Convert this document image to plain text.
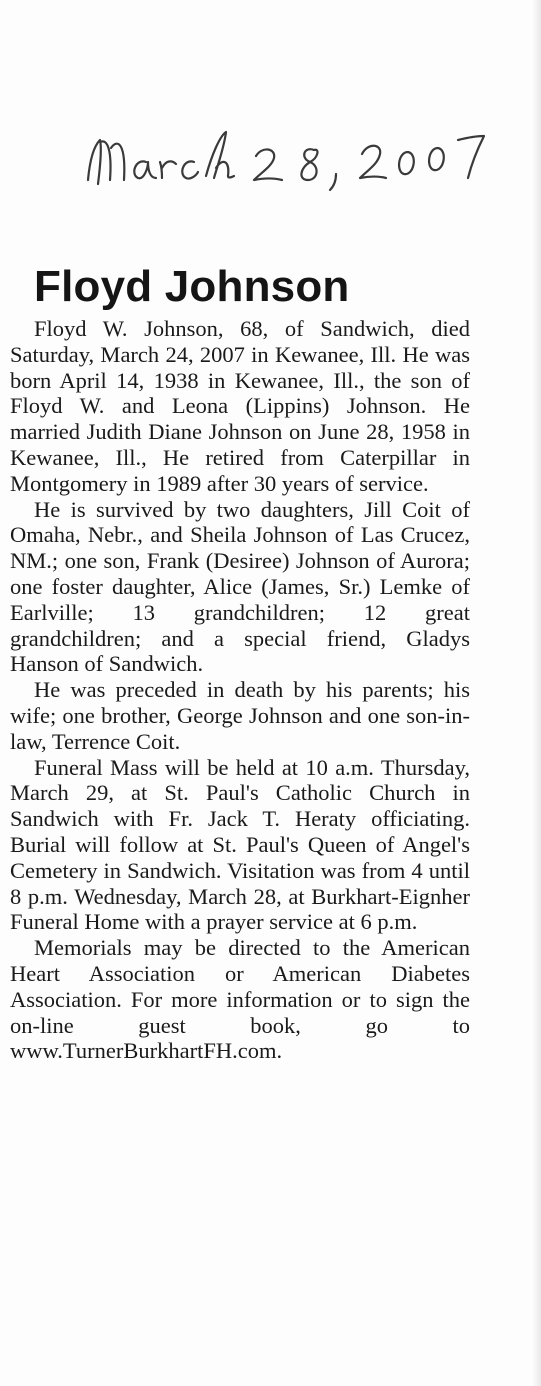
Floyd Johnson

Floyd W. Johnson, 68, of Sandwich, died Saturday, March 24, 2007 in Kewanee, Ill. He was born April 14, 1938 in Kewanee, Ill., the son of Floyd W. and Leona (Lippins) Johnson. He married Judith Diane Johnson on June 28, 1958 in Kewanee, Ill., He retired from Caterpillar in Montgomery in 1989 after 30 years of service.

He is survived by two daughters, Jill Coit of Omaha, Nebr., and Sheila Johnson of Las Crucez, NM.; one son, Frank (Desiree) Johnson of Aurora; one foster daughter, Alice (James, Sr.) Lemke of Earlville; 13 grandchildren; 12 great grandchildren; and a special friend, Gladys Hanson of Sandwich.

He was preceded in death by his parents; his wife; one brother, George Johnson and one son-in-law, Terrence Coit.

Funeral Mass will be held at 10 a.m. Thursday, March 29, at St. Paul's Catholic Church in Sandwich with Fr. Jack T. Heraty officiating. Burial will follow at St. Paul's Queen of Angel's Cemetery in Sandwich. Visitation was from 4 until 8 p.m. Wednesday, March 28, at Burkhart-Eignher Funeral Home with a prayer service at 6 p.m.

Memorials may be directed to the American Heart Association or American Diabetes Association. For more information or to sign the on-line guest book, go to www.TurnerBurkhartFH.com.
